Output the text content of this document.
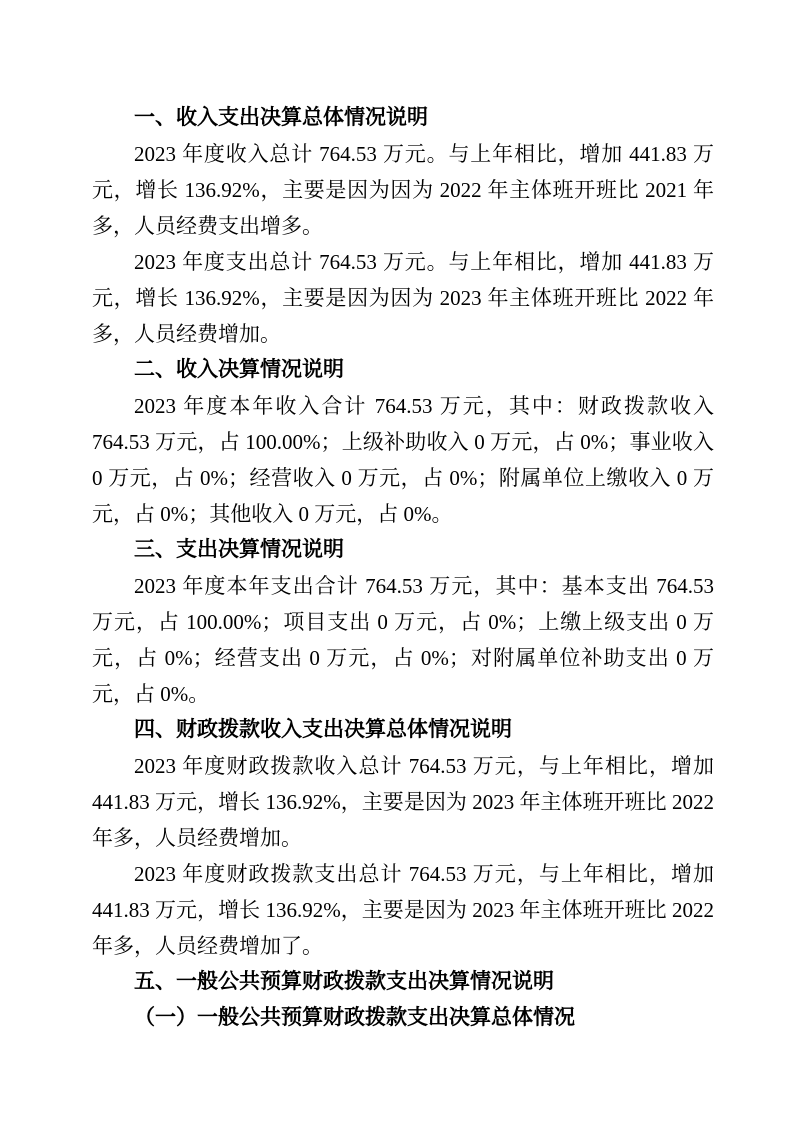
一、收入支出决算总体情况说明

2023 年度收入总计 764.53 万元。与上年相比，增加 441.83 万元，增长 136.92%，主要是因为因为 2022 年主体班开班比 2021 年多，人员经费支出增多。

2023 年度支出总计 764.53 万元。与上年相比，增加 441.83 万元，增长 136.92%，主要是因为因为 2023 年主体班开班比 2022 年多，人员经费增加。

二、收入决算情况说明

2023 年度本年收入合计 764.53 万元，其中：财政拨款收入 764.53 万元，占 100.00%；上级补助收入 0 万元，占 0%；事业收入 0 万元，占 0%；经营收入 0 万元，占 0%；附属单位上缴收入 0 万元，占 0%；其他收入 0 万元，占 0%。

三、支出决算情况说明

2023 年度本年支出合计 764.53 万元，其中：基本支出 764.53 万元，占 100.00%；项目支出 0 万元，占 0%；上缴上级支出 0 万元，占 0%；经营支出 0 万元，占 0%；对附属单位补助支出 0 万元，占 0%。

四、财政拨款收入支出决算总体情况说明

2023 年度财政拨款收入总计 764.53 万元，与上年相比，增加 441.83 万元，增长 136.92%，主要是因为 2023 年主体班开班比 2022 年多，人员经费增加。

2023 年度财政拨款支出总计 764.53 万元，与上年相比，增加 441.83 万元，增长 136.92%，主要是因为 2023 年主体班开班比 2022 年多，人员经费增加了。

五、一般公共预算财政拨款支出决算情况说明
（一）一般公共预算财政拨款支出决算总体情况
